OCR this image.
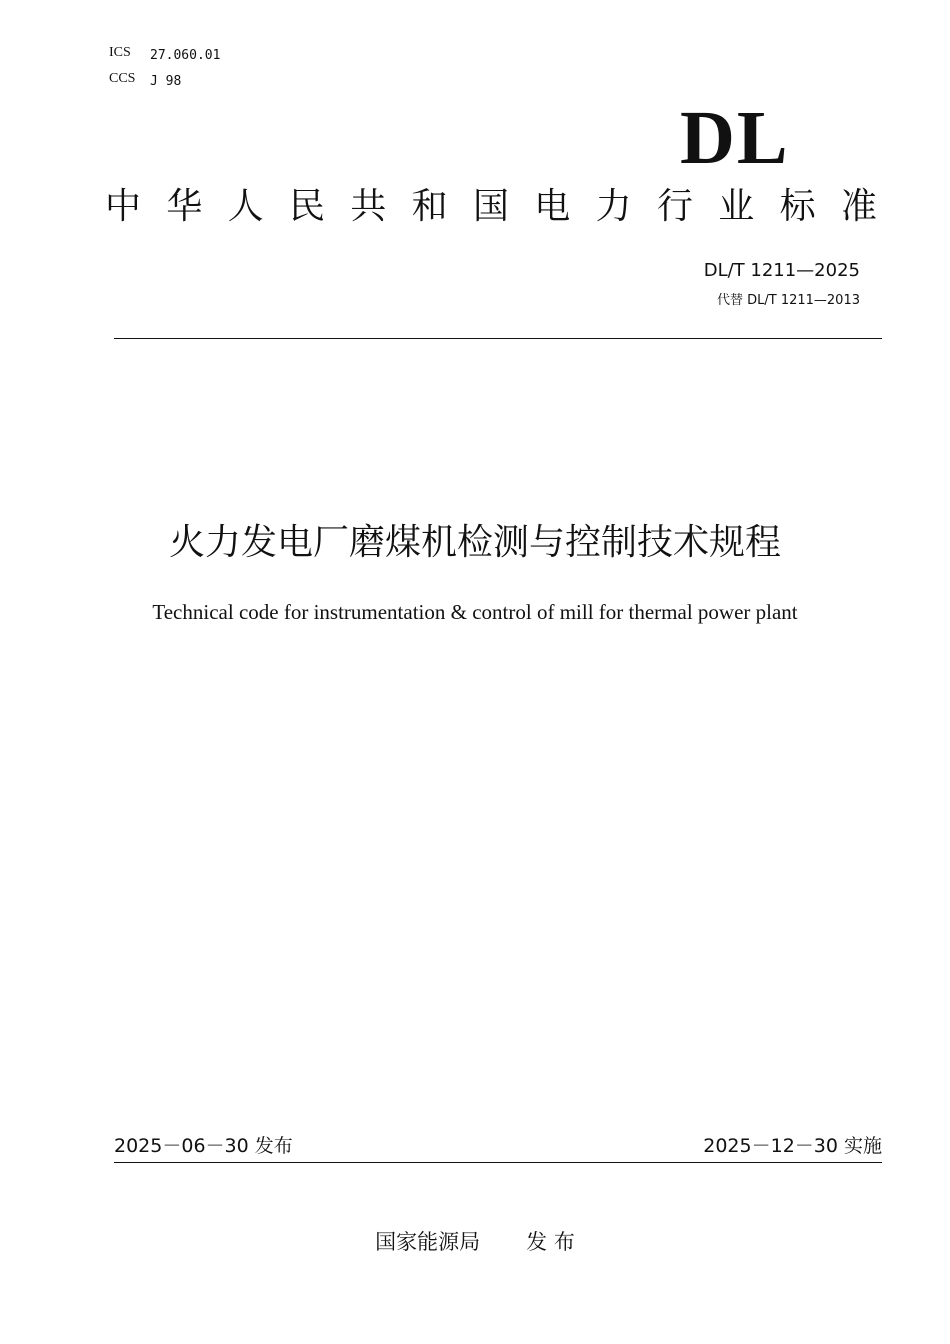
ICS 27.060.01
CCS J 98
DL
中 华 人 民 共 和 国 电 力 行 业 标 准
DL/T 1211—2025
代替 DL/T 1211—2013
火力发电厂磨煤机检测与控制技术规程
Technical code for instrumentation & control of mill for thermal power plant
2025－06－30 发布	2025－12－30 实施
国家能源局 发 布
